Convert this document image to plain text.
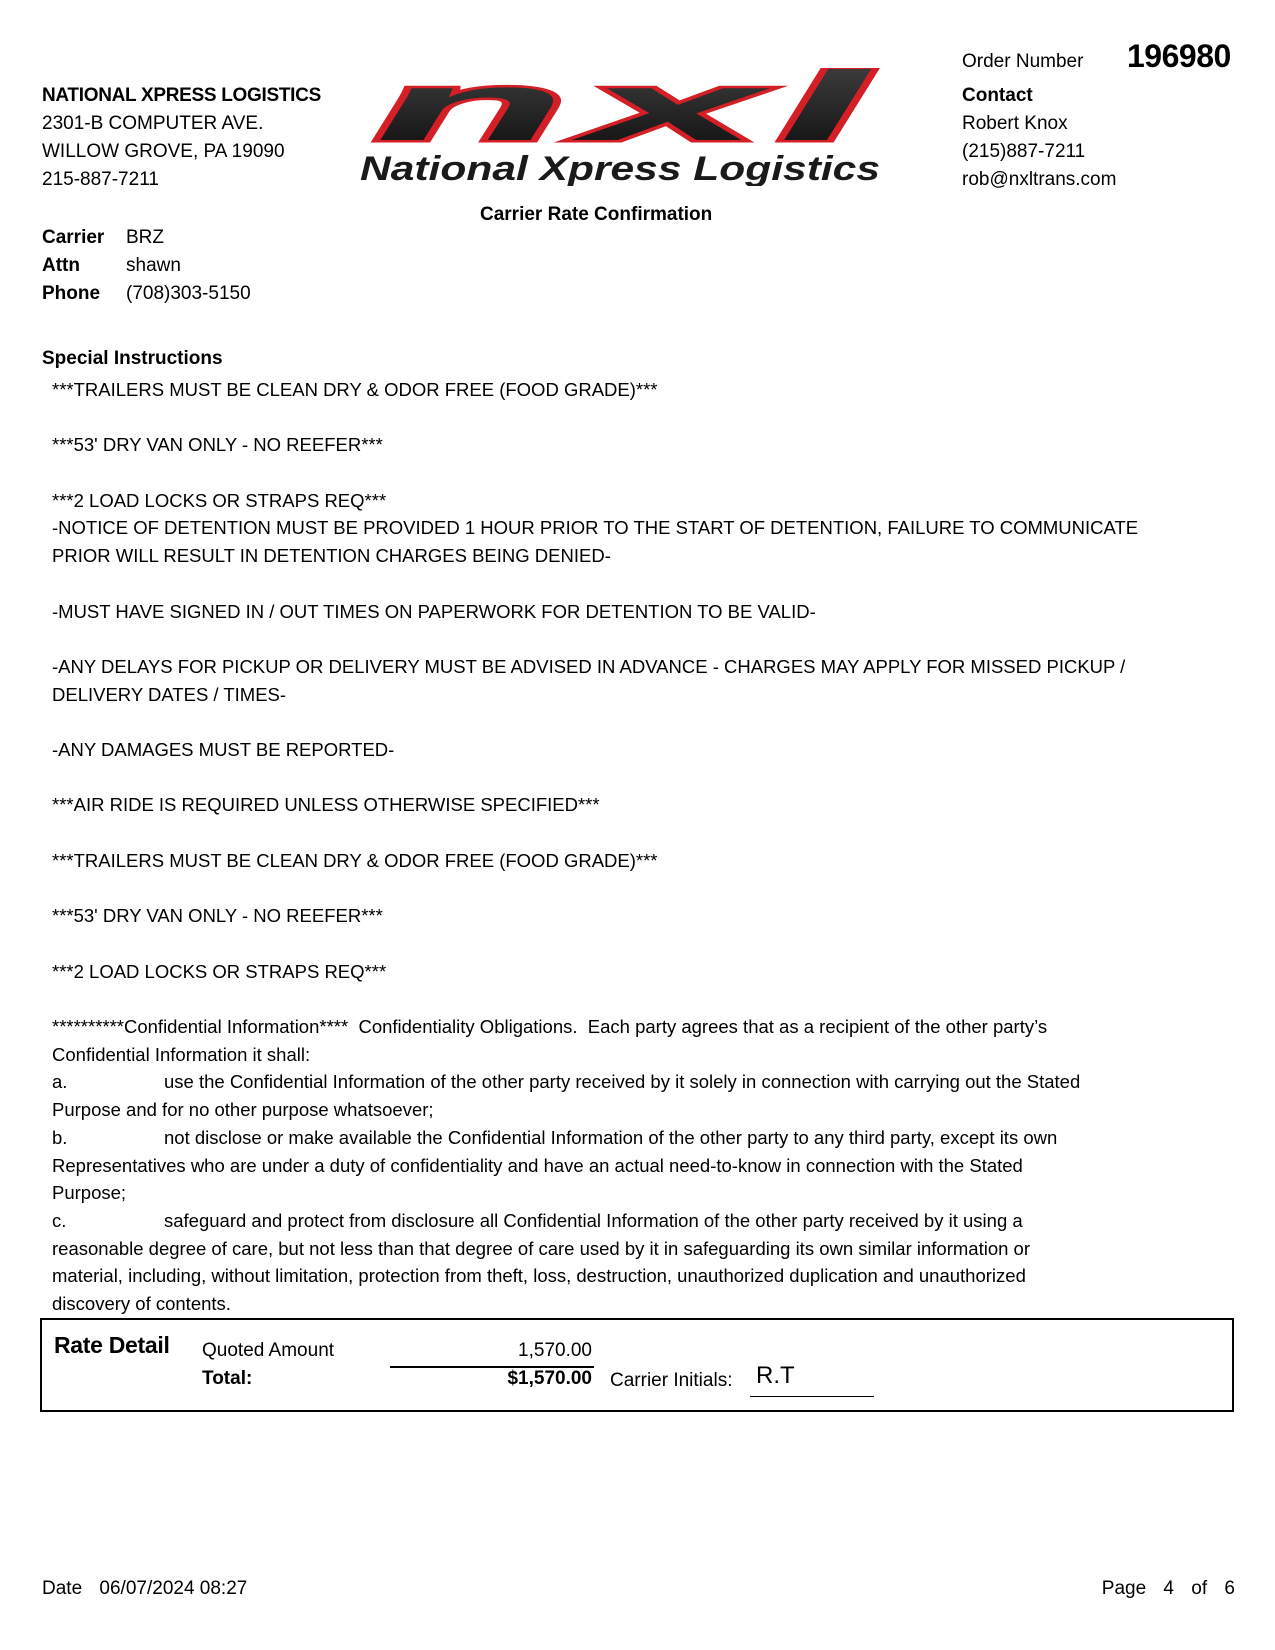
NATIONAL XPRESS LOGISTICS
2301-B COMPUTER AVE.
WILLOW GROVE, PA 19090
215-887-7211
nxl
National Xpress Logistics
Order Number 196980
Contact
Robert Knox
(215)887-7211
rob@nxltrans.com
Carrier Rate Confirmation
Carrier	BRZ
Attn	shawn
Phone	(708)303-5150
Special Instructions

***TRAILERS MUST BE CLEAN DRY & ODOR FREE (FOOD GRADE)***

***53' DRY VAN ONLY - NO REEFER***

***2 LOAD LOCKS OR STRAPS REQ***

-NOTICE OF DETENTION MUST BE PROVIDED 1 HOUR PRIOR TO THE START OF DETENTION, FAILURE TO COMMUNICATE

PRIOR WILL RESULT IN DETENTION CHARGES BEING DENIED-

-MUST HAVE SIGNED IN / OUT TIMES ON PAPERWORK FOR DETENTION TO BE VALID-

-ANY DELAYS FOR PICKUP OR DELIVERY MUST BE ADVISED IN ADVANCE - CHARGES MAY APPLY FOR MISSED PICKUP /

DELIVERY DATES / TIMES-

-ANY DAMAGES MUST BE REPORTED-

***AIR RIDE IS REQUIRED UNLESS OTHERWISE SPECIFIED***

***TRAILERS MUST BE CLEAN DRY & ODOR FREE (FOOD GRADE)***

***53' DRY VAN ONLY - NO REEFER***

***2 LOAD LOCKS OR STRAPS REQ***

**********Confidential Information****  Confidentiality Obligations.  Each party agrees that as a recipient of the other party’s

Confidential Information it shall:

a.	use the Confidential Information of the other party received by it solely in connection with carrying out the Stated

Purpose and for no other purpose whatsoever;

b.	not disclose or make available the Confidential Information of the other party to any third party, except its own

Representatives who are under a duty of confidentiality and have an actual need-to-know in connection with the Stated

Purpose;

c.	safeguard and protect from disclosure all Confidential Information of the other party received by it using a

reasonable degree of care, but not less than that degree of care used by it in safeguarding its own similar information or

material, including, without limitation, protection from theft, loss, destruction, unauthorized duplication and unauthorized

discovery of contents.

Rate Detail Quoted Amount	1,570.00
Total:	$1,570.00 Carrier Initials: R.T
Date 06/07/2024 08:27	Page 4 of 6
